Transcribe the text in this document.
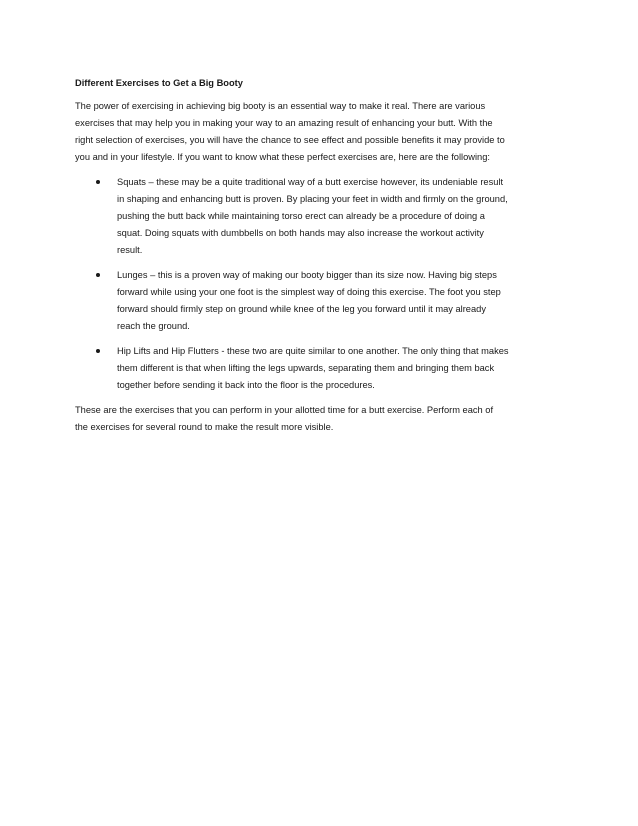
Different Exercises to Get a Big Booty

The power of exercising in achieving big booty is an essential way to make it real. There are various
exercises that may help you in making your way to an amazing result of enhancing your butt. With the
right selection of exercises, you will have the chance to see effect and possible benefits it may provide to
you and in your lifestyle. If you want to know what these perfect exercises are, here are the following:

Squats – these may be a quite traditional way of a butt exercise however, its undeniable result
in shaping and enhancing butt is proven. By placing your feet in width and firmly on the ground,
pushing the butt back while maintaining torso erect can already be a procedure of doing a
squat. Doing squats with dumbbells on both hands may also increase the workout activity
result.
Lunges – this is a proven way of making our booty bigger than its size now. Having big steps
forward while using your one foot is the simplest way of doing this exercise. The foot you step
forward should firmly step on ground while knee of the leg you forward until it may already
reach the ground.
Hip Lifts and Hip Flutters - these two are quite similar to one another. The only thing that makes
them different is that when lifting the legs upwards, separating them and bringing them back
together before sending it back into the floor is the procedures.

These are the exercises that you can perform in your allotted time for a butt exercise. Perform each of
the exercises for several round to make the result more visible.
